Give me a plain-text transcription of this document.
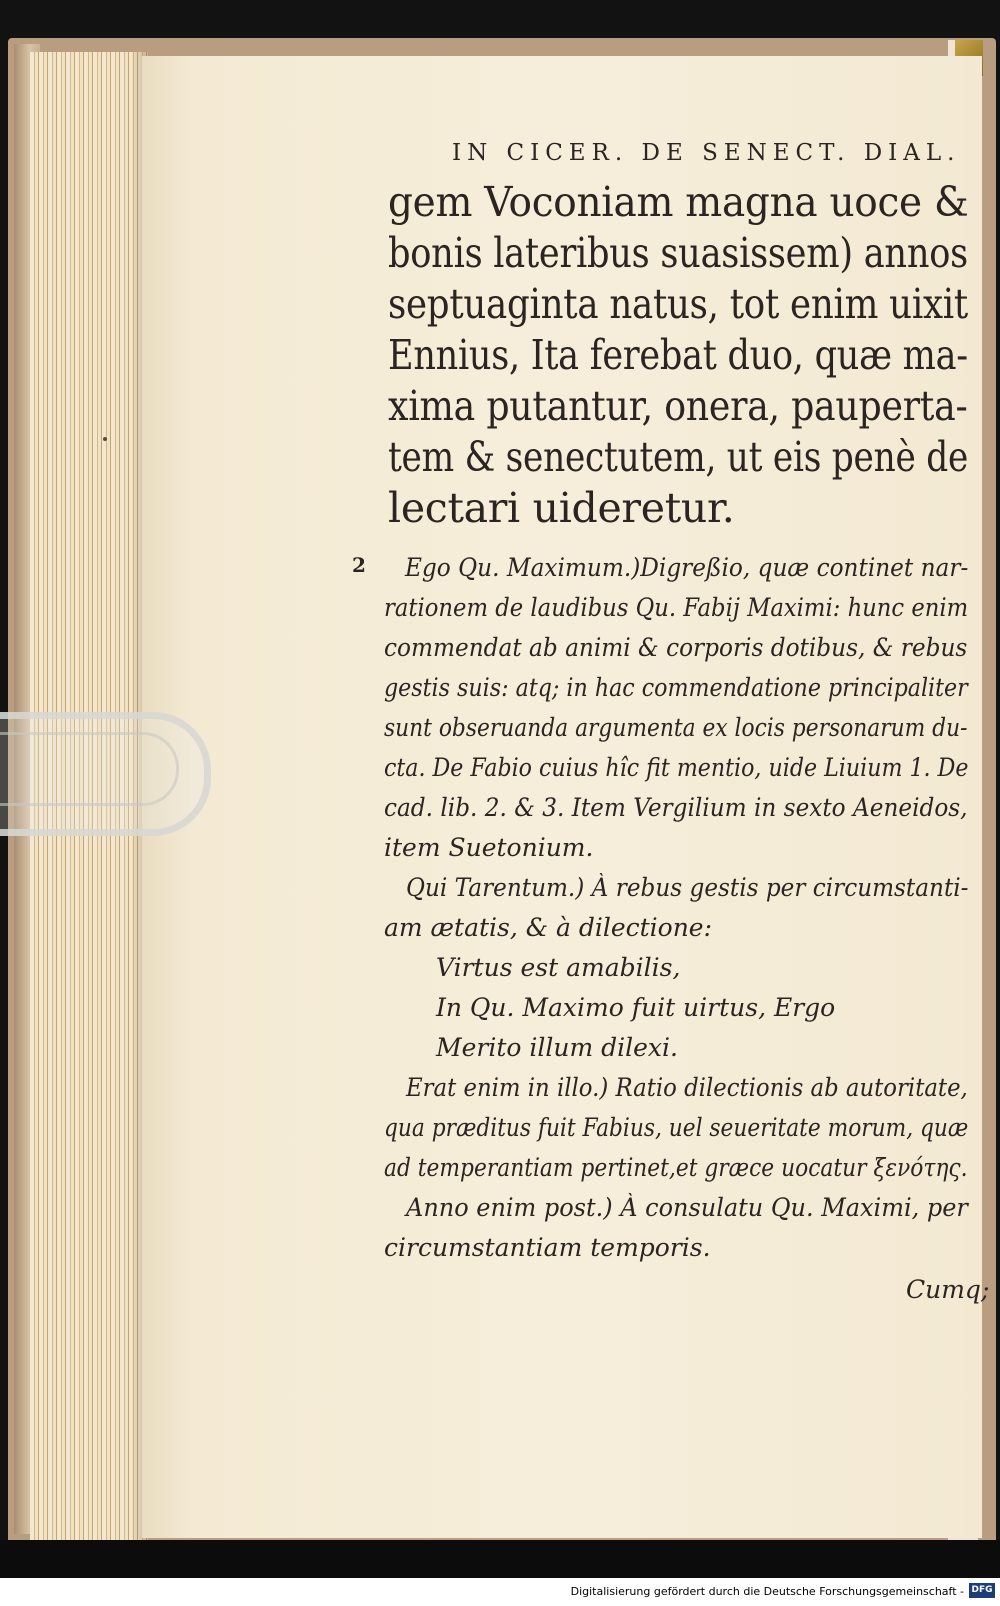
IN CICER. DE SENECT. DIAL.
gem Voconiam magna uoce &
bonis lateribus suasissem) annos
septuaginta natus, tot enim uixit
Ennius, Ita ferebat duo, quæ ma-
xima putantur, onera, pauperta-
tem & senectutem, ut eis penè de
lectari uideretur.
2 Ego Qu. Maximum.)Digreßio, quæ continet nar-
rationem de laudibus Qu. Fabij Maximi: hunc enim
commendat ab animi & corporis dotibus, & rebus
gestis suis: atq; in hac commendatione principaliter
sunt obseruanda argumenta ex locis personarum du-
cta. De Fabio cuius hîc fit mentio, uide Liuium 1. De
cad. lib. 2. & 3. Item Vergilium in sexto Aeneidos,
item Suetonium.
Qui Tarentum.) À rebus gestis per circumstanti-
am ætatis, & à dilectione:
Virtus est amabilis,
In Qu. Maximo fuit uirtus, Ergo
Merito illum dilexi.
Erat enim in illo.) Ratio dilectionis ab autoritate,
qua præditus fuit Fabius, uel seueritate morum, quæ
ad temperantiam pertinet,et græce uocatur ξενότης.
Anno enim post.) À consulatu Qu. Maximi, per
circumstantiam temporis.
Cumq;
Digitalisierung gefördert durch die Deutsche Forschungsgemeinschaft - DFG
